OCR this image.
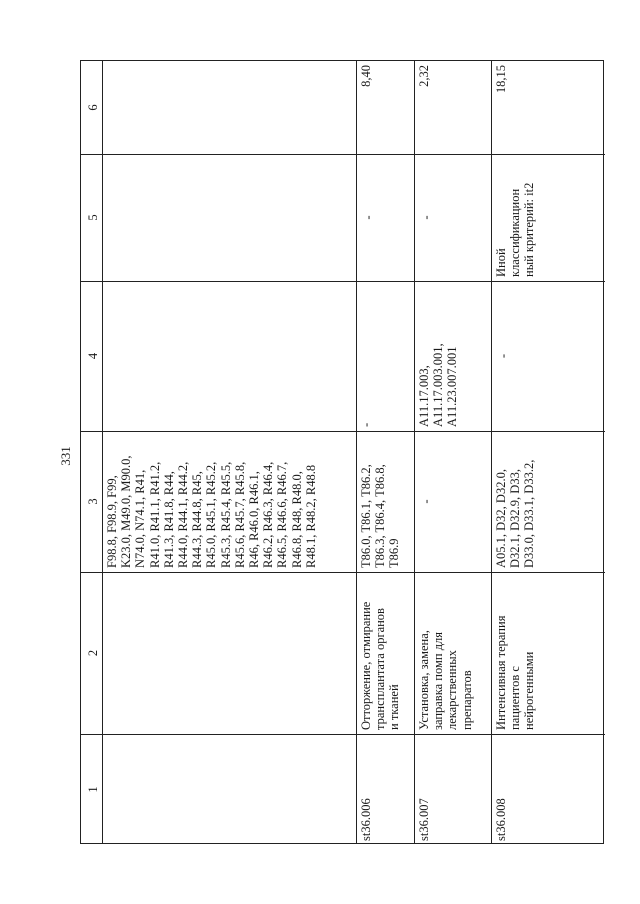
331
6
5
4
3
2
1
F98.8, F98.9, F99,
K23.0, M49.0, M90.0,
N74.0, N74.1, R41,
R41.0, R41.1, R41.2,
R41.3, R41.8, R44,
R44.0, R44.1, R44.2,
R44.3, R44.8, R45,
R45.0, R45.1, R45.2,
R45.3, R45.4, R45.5,
R45.6, R45.7, R45.8,
R46, R46.0, R46.1,
R46.2, R46.3, R46.4,
R46.5, R46.6, R46.7,
R46.8, R48, R48.0,
R48.1, R48.2, R48.8
st36.006
Отторжение, отмирание
трансплантата органов
и тканей
T86.0, T86.1, T86.2,
T86.3, T86.4, T86.8,
T86.9
-
-
8,40
st36.007
Установка, замена,
заправка помп для
лекарственных
препаратов
-
A11.17.003,
A11.17.003.001,
A11.23.007.001
-
2,32
st36.008
Интенсивная терапия
пациентов с
нейрогенными
A05.1, D32, D32.0,
D32.1, D32.9, D33,
D33.0, D33.1, D33.2,
-
Иной
классификацион
ный критерий: it2
18,15
